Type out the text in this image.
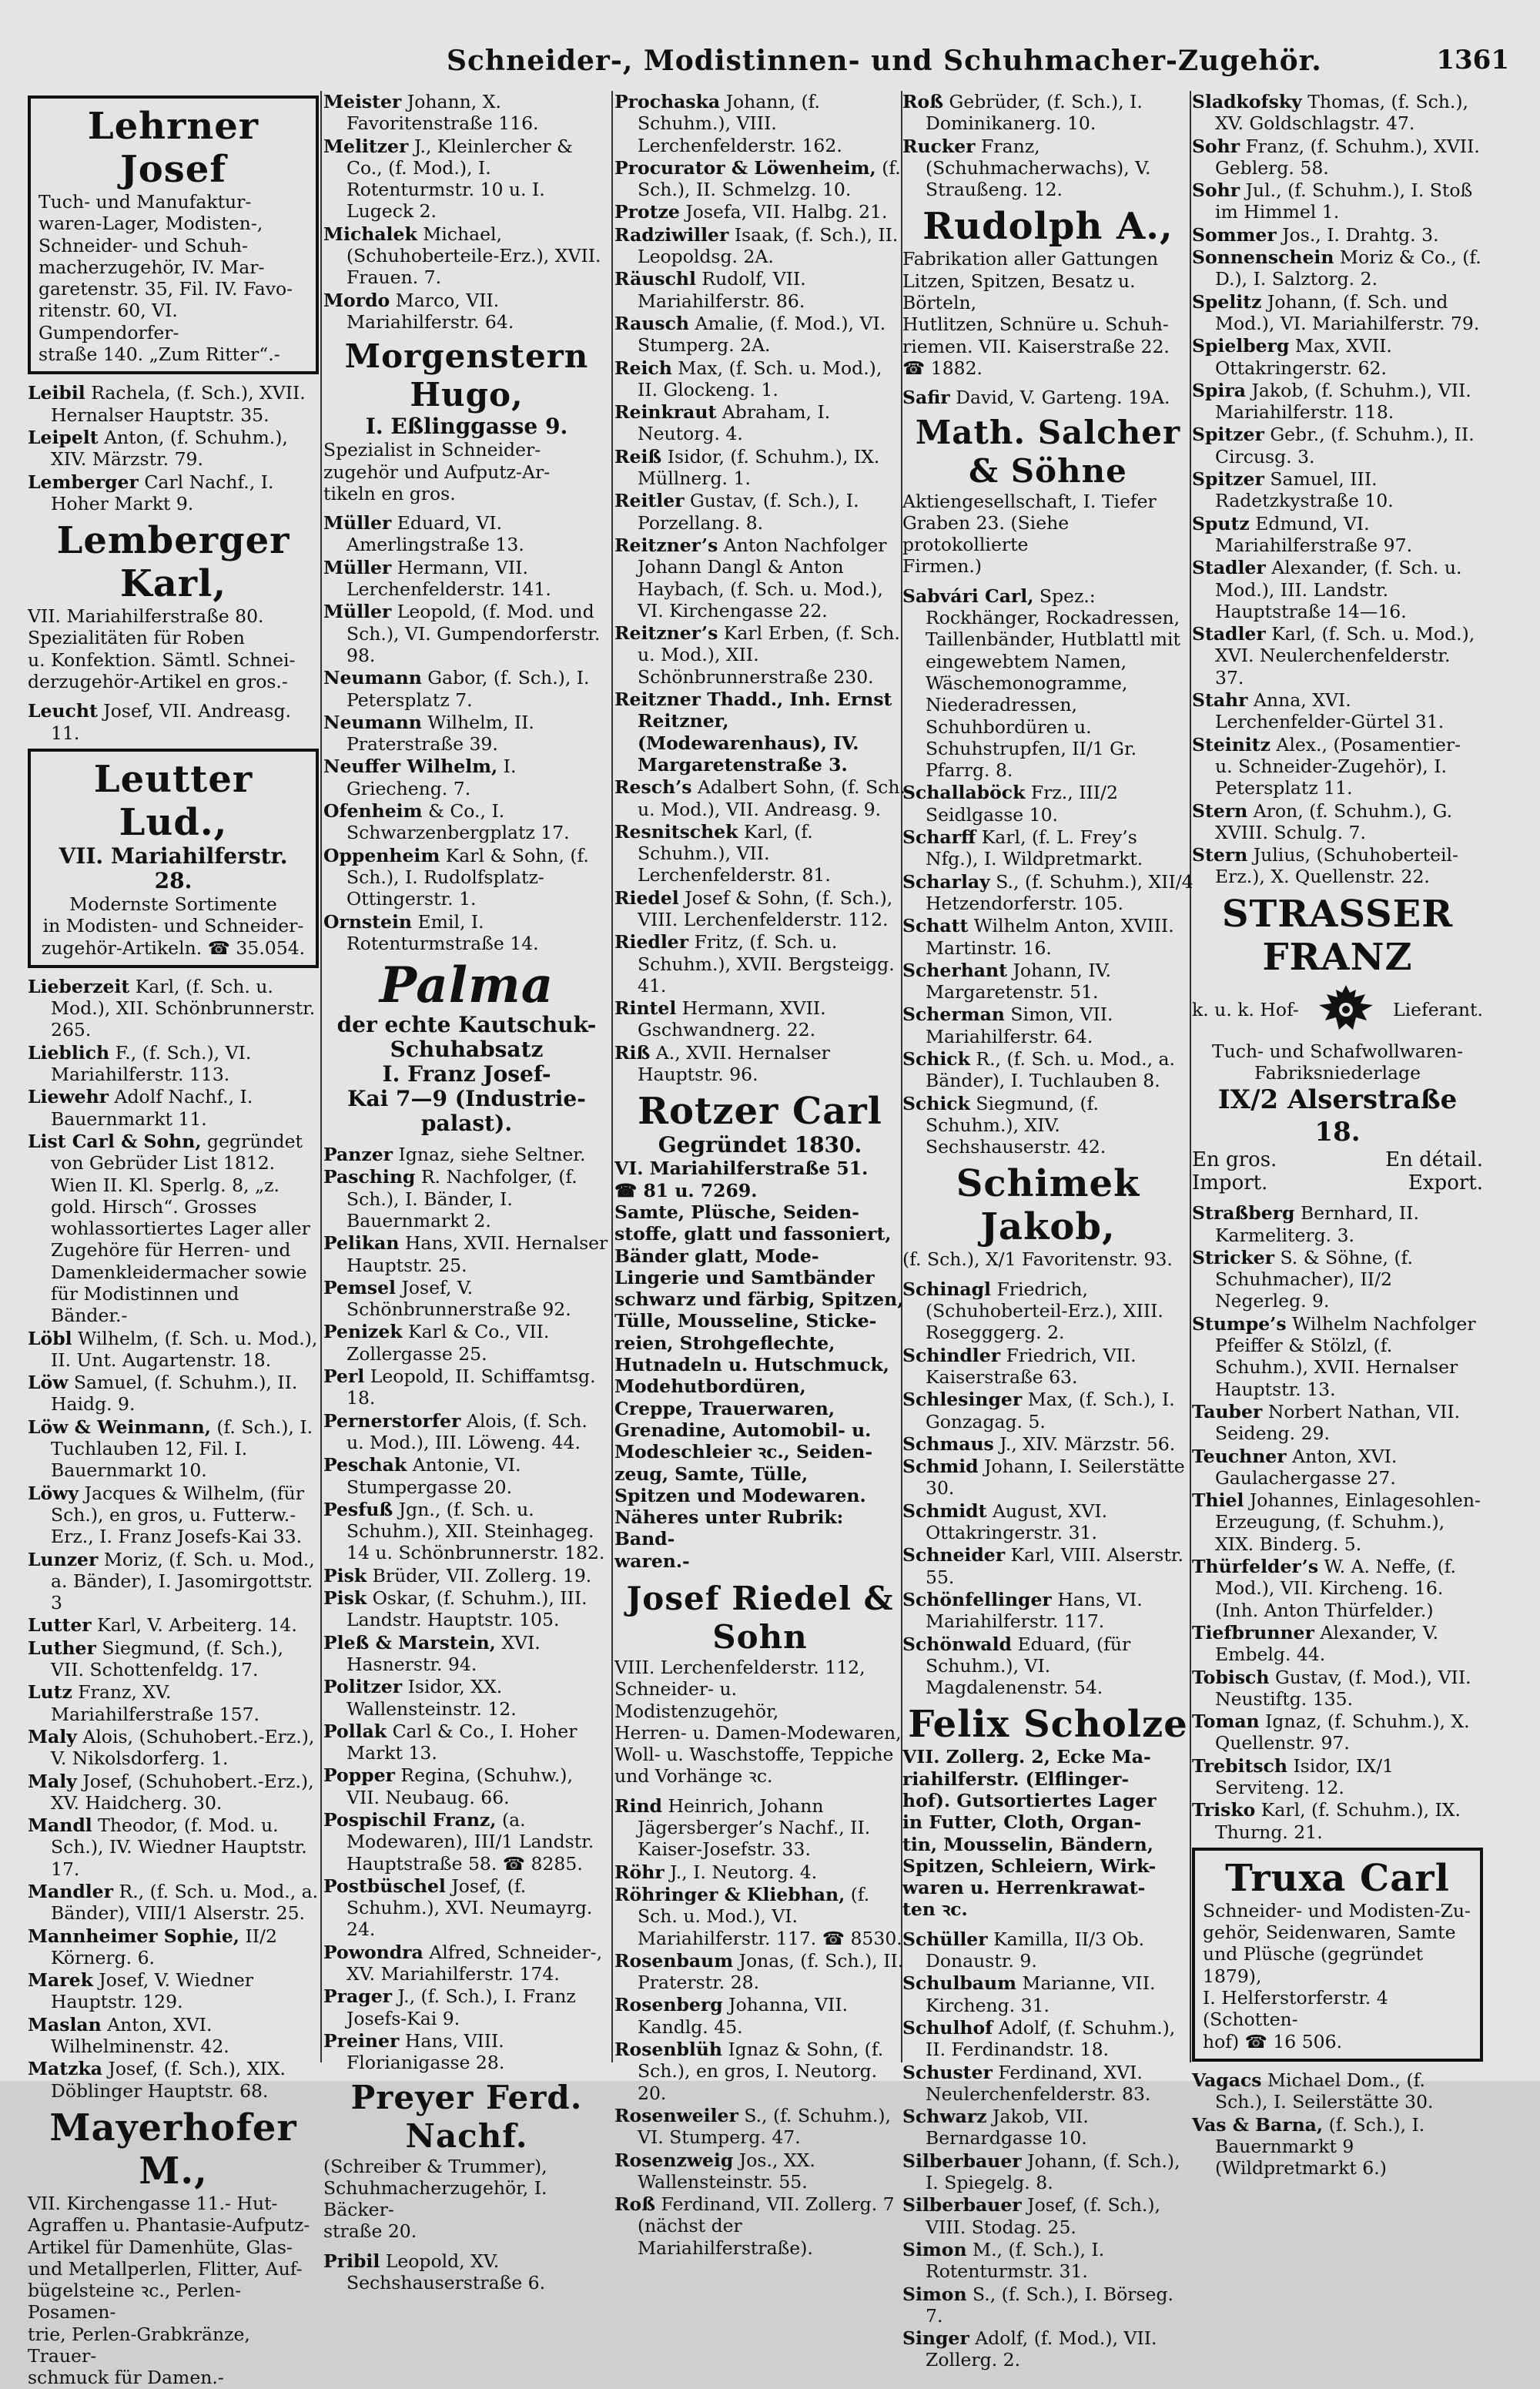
Schneider-, Modistinnen- und Schuhmacher-Zugehör.	1361
Lehrner Josef
Tuch- und Manufaktur-
waren-Lager, Modisten-,
Schneider- und Schuh-
macherzugehör, IV. Mar-
garetenstr. 35, Fil. IV. Favo-
ritenstr. 60, VI. Gumpendorfer-
straße 140. „Zum Ritter“.-
Leibil Rachela, (f. Sch.), XVII. Hernalser Hauptstr. 35.
Leipelt Anton, (f. Schuhm.), XIV. Märzstr. 79.
Lemberger Carl Nachf., I. Hoher Markt 9.
Lemberger Karl,
VII. Mariahilferstraße 80.
Spezialitäten für Roben
u. Konfektion. Sämtl. Schnei-
derzugehör-Artikel en gros.-
Leucht Josef, VII. Andreasg. 11.
Leutter Lud.,
VII. Mariahilferstr. 28.
Modernste Sortimente
in Modisten- und Schneider-
zugehör-Artikeln. ☎ 35.054.
Lieberzeit Karl, (f. Sch. u. Mod.), XII. Schönbrunnerstr. 265.
Lieblich F., (f. Sch.), VI. Mariahilferstr. 113.
Liewehr Adolf Nachf., I. Bauernmarkt 11.
List Carl & Sohn, gegründet von Gebrüder List 1812. Wien II. Kl. Sperlg. 8, „z. gold. Hirsch“. Grosses wohlassortiertes Lager aller Zugehöre für Herren- und Damenkleidermacher sowie für Modistinnen und Bänder.-
Löbl Wilhelm, (f. Sch. u. Mod.), II. Unt. Augartenstr. 18.
Löw Samuel, (f. Schuhm.), II. Haidg. 9.
Löw & Weinmann, (f. Sch.), I. Tuchlauben 12, Fil. I. Bauernmarkt 10.
Löwy Jacques & Wilhelm, (für Sch.), en gros, u. Futterw.-Erz., I. Franz Josefs-Kai 33.
Lunzer Moriz, (f. Sch. u. Mod., a. Bänder), I. Jasomirgottstr. 3
Lutter Karl, V. Arbeiterg. 14.
Luther Siegmund, (f. Sch.), VII. Schottenfeldg. 17.
Lutz Franz, XV. Mariahilferstraße 157.
Maly Alois, (Schuhobert.-Erz.), V. Nikolsdorferg. 1.
Maly Josef, (Schuhobert.-Erz.), XV. Haidcherg. 30.
Mandl Theodor, (f. Mod. u. Sch.), IV. Wiedner Hauptstr. 17.
Mandler R., (f. Sch. u. Mod., a. Bänder), VIII/1 Alserstr. 25.
Mannheimer Sophie, II/2 Körnerg. 6.
Marek Josef, V. Wiedner Hauptstr. 129.
Maslan Anton, XVI. Wilhelminenstr. 42.
Matzka Josef, (f. Sch.), XIX. Döblinger Hauptstr. 68.
Mayerhofer M.,
VII. Kirchengasse 11.- Hut-
Agraffen u. Phantasie-Aufputz-
Artikel für Damenhüte, Glas-
und Metallperlen, Flitter, Auf-
bügelsteine ꝛc., Perlen-Posamen-
trie, Perlen-Grabkränze, Trauer-
schmuck für Damen.-
Meister Johann, X. Favoritenstraße 116.
Melitzer J., Kleinlercher & Co., (f. Mod.), I. Rotenturmstr. 10 u. I. Lugeck 2.
Michalek Michael, (Schuhoberteile-Erz.), XVII. Frauen. 7.
Mordo Marco, VII. Mariahilferstr. 64.
Morgenstern Hugo,
I. Eßlinggasse 9.
Spezialist in Schneider-
zugehör und Aufputz-Ar-
tikeln en gros.
Müller Eduard, VI. Amerlingstraße 13.
Müller Hermann, VII. Lerchenfelderstr. 141.
Müller Leopold, (f. Mod. und Sch.), VI. Gumpendorferstr. 98.
Neumann Gabor, (f. Sch.), I. Petersplatz 7.
Neumann Wilhelm, II. Praterstraße 39.
Neuffer Wilhelm, I. Griecheng. 7.
Ofenheim & Co., I. Schwarzenbergplatz 17.
Oppenheim Karl & Sohn, (f. Sch.), I. Rudolfsplatz-Ottingerstr. 1.
Ornstein Emil, I. Rotenturmstraße 14.
Palma
der echte Kautschuk-
Schuhabsatz
I. Franz Josef-
Kai 7—9 (Industrie-
palast).
Panzer Ignaz, siehe Seltner.
Pasching R. Nachfolger, (f. Sch.), I. Bänder, I. Bauernmarkt 2.
Pelikan Hans, XVII. Hernalser Hauptstr. 25.
Pemsel Josef, V. Schönbrunnerstraße 92.
Penizek Karl & Co., VII. Zollergasse 25.
Perl Leopold, II. Schiffamtsg. 18.
Pernerstorfer Alois, (f. Sch. u. Mod.), III. Löweng. 44.
Peschak Antonie, VI. Stumpergasse 20.
Pesfuß Jgn., (f. Sch. u. Schuhm.), XII. Steinhageg. 14 u. Schönbrunnerstr. 182.
Pisk Brüder, VII. Zollerg. 19.
Pisk Oskar, (f. Schuhm.), III. Landstr. Hauptstr. 105.
Pleß & Marstein, XVI. Hasnerstr. 94.
Politzer Isidor, XX. Wallensteinstr. 12.
Pollak Carl & Co., I. Hoher Markt 13.
Popper Regina, (Schuhw.), VII. Neubaug. 66.
Pospischil Franz, (a. Modewaren), III/1 Landstr. Hauptstraße 58. ☎ 8285.
Postbüschel Josef, (f. Schuhm.), XVI. Neumayrg. 24.
Powondra Alfred, Schneider-, XV. Mariahilferstr. 174.
Prager J., (f. Sch.), I. Franz Josefs-Kai 9.
Preiner Hans, VIII. Florianigasse 28.
Preyer Ferd. Nachf.
(Schreiber & Trummer),
Schuhmacherzugehör, I. Bäcker-
straße 20.
Pribil Leopold, XV. Sechshauserstraße 6.
Prochaska Johann, (f. Schuhm.), VIII. Lerchenfelderstr. 162.
Procurator & Löwenheim, (f. Sch.), II. Schmelzg. 10.
Protze Josefa, VII. Halbg. 21.
Radziwiller Isaak, (f. Sch.), II. Leopoldsg. 2A.
Räuschl Rudolf, VII. Mariahilferstr. 86.
Rausch Amalie, (f. Mod.), VI. Stumperg. 2A.
Reich Max, (f. Sch. u. Mod.), II. Glockeng. 1.
Reinkraut Abraham, I. Neutorg. 4.
Reiß Isidor, (f. Schuhm.), IX. Müllnerg. 1.
Reitler Gustav, (f. Sch.), I. Porzellang. 8.
Reitzner’s Anton Nachfolger Johann Dangl & Anton Haybach, (f. Sch. u. Mod.), VI. Kirchengasse 22.
Reitzner’s Karl Erben, (f. Sch. u. Mod.), XII. Schönbrunnerstraße 230.
Reitzner Thadd., Inh. Ernst Reitzner, (Modewarenhaus), IV. Margaretenstraße 3.
Resch’s Adalbert Sohn, (f. Sch. u. Mod.), VII. Andreasg. 9.
Resnitschek Karl, (f. Schuhm.), VII. Lerchenfelderstr. 81.
Riedel Josef & Sohn, (f. Sch.), VIII. Lerchenfelderstr. 112.
Riedler Fritz, (f. Sch. u. Schuhm.), XVII. Bergsteigg. 41.
Rintel Hermann, XVII. Gschwandnerg. 22.
Riß A., XVII. Hernalser Hauptstr. 96.
Rotzer Carl
Gegründet 1830.
VI. Mariahilferstraße 51.
☎ 81 u. 7269.
Samte, Plüsche, Seiden-
stoffe, glatt und fassoniert,
Bänder glatt, Mode-
Lingerie und Samtbänder
schwarz und färbig, Spitzen,
Tülle, Mousseline, Sticke-
reien, Strohgeflechte,
Hutnadeln u. Hutschmuck,
Modehutbordüren,
Creppe, Trauerwaren,
Grenadine, Automobil- u.
Modeschleier ꝛc., Seiden-
zeug, Samte, Tülle,
Spitzen und Modewaren.
Näheres unter Rubrik: Band-
waren.-
Josef Riedel & Sohn
VIII. Lerchenfelderstr. 112,
Schneider- u. Modistenzugehör,
Herren- u. Damen-Modewaren,
Woll- u. Waschstoffe, Teppiche
und Vorhänge ꝛc.
Rind Heinrich, Johann Jägersberger’s Nachf., II. Kaiser-Josefstr. 33.
Röhr J., I. Neutorg. 4.
Röhringer & Kliebhan, (f. Sch. u. Mod.), VI. Mariahilferstr. 117. ☎ 8530.
Rosenbaum Jonas, (f. Sch.), II. Praterstr. 28.
Rosenberg Johanna, VII. Kandlg. 45.
Rosenblüh Ignaz & Sohn, (f. Sch.), en gros, I. Neutorg. 20.
Rosenweiler S., (f. Schuhm.), VI. Stumperg. 47.
Rosenzweig Jos., XX. Wallensteinstr. 55.
Roß Ferdinand, VII. Zollerg. 7 (nächst der Mariahilferstraße).
Roß Gebrüder, (f. Sch.), I. Dominikanerg. 10.
Rucker Franz, (Schuhmacherwachs), V. Straußeng. 12.
Rudolph A.,
Fabrikation aller Gattungen
Litzen, Spitzen, Besatz u. Börteln,
Hutlitzen, Schnüre u. Schuh-
riemen. VII. Kaiserstraße 22.
☎ 1882.
Safir David, V. Garteng. 19A.
Math. Salcher & Söhne
Aktiengesellschaft, I. Tiefer
Graben 23. (Siehe protokollierte
Firmen.)
Sabvári Carl, Spez.: Rockhänger, Rockadressen, Taillenbänder, Hutblattl mit eingewebtem Namen, Wäschemonogramme, Niederadressen, Schuhbordüren u. Schuhstrupfen, II/1 Gr. Pfarrg. 8.
Schallaböck Frz., III/2 Seidlgasse 10.
Scharff Karl, (f. L. Frey’s Nfg.), I. Wildpretmarkt.
Scharlay S., (f. Schuhm.), XII/4 Hetzendorferstr. 105.
Schatt Wilhelm Anton, XVIII. Martinstr. 16.
Scherhant Johann, IV. Margaretenstr. 51.
Scherman Simon, VII. Mariahilferstr. 64.
Schick R., (f. Sch. u. Mod., a. Bänder), I. Tuchlauben 8.
Schick Siegmund, (f. Schuhm.), XIV. Sechshauserstr. 42.
Schimek Jakob,
(f. Sch.), X/1 Favoritenstr. 93.
Schinagl Friedrich, (Schuhoberteil-Erz.), XIII. Rosegggerg. 2.
Schindler Friedrich, VII. Kaiserstraße 63.
Schlesinger Max, (f. Sch.), I. Gonzagag. 5.
Schmaus J., XIV. Märzstr. 56.
Schmid Johann, I. Seilerstätte 30.
Schmidt August, XVI. Ottakringerstr. 31.
Schneider Karl, VIII. Alserstr. 55.
Schönfellinger Hans, VI. Mariahilferstr. 117.
Schönwald Eduard, (für Schuhm.), VI. Magdalenenstr. 54.
Felix Scholze
VII. Zollerg. 2, Ecke Ma-
riahilferstr. (Elflinger-
hof). Gutsortiertes Lager
in Futter, Cloth, Organ-
tin, Mousselin, Bändern,
Spitzen, Schleiern, Wirk-
waren u. Herrenkrawat-
ten ꝛc.
Schüller Kamilla, II/3 Ob. Donaustr. 9.
Schulbaum Marianne, VII. Kircheng. 31.
Schulhof Adolf, (f. Schuhm.), II. Ferdinandstr. 18.
Schuster Ferdinand, XVI. Neulerchenfelderstr. 83.
Schwarz Jakob, VII. Bernardgasse 10.
Silberbauer Johann, (f. Sch.), I. Spiegelg. 8.
Silberbauer Josef, (f. Sch.), VIII. Stodag. 25.
Simon M., (f. Sch.), I. Rotenturmstr. 31.
Simon S., (f. Sch.), I. Börseg. 7.
Singer Adolf, (f. Mod.), VII. Zollerg. 2.
Sladkofsky Thomas, (f. Sch.), XV. Goldschlagstr. 47.
Sohr Franz, (f. Schuhm.), XVII. Geblerg. 58.
Sohr Jul., (f. Schuhm.), I. Stoß im Himmel 1.
Sommer Jos., I. Drahtg. 3.
Sonnenschein Moriz & Co., (f. D.), I. Salztorg. 2.
Spelitz Johann, (f. Sch. und Mod.), VI. Mariahilferstr. 79.
Spielberg Max, XVII. Ottakringerstr. 62.
Spira Jakob, (f. Schuhm.), VII. Mariahilferstr. 118.
Spitzer Gebr., (f. Schuhm.), II. Circusg. 3.
Spitzer Samuel, III. Radetzkystraße 10.
Sputz Edmund, VI. Mariahilferstraße 97.
Stadler Alexander, (f. Sch. u. Mod.), III. Landstr. Hauptstraße 14—16.
Stadler Karl, (f. Sch. u. Mod.), XVI. Neulerchenfelderstr. 37.
Stahr Anna, XVI. Lerchenfelder-Gürtel 31.
Steinitz Alex., (Posamentier- u. Schneider-Zugehör), I. Petersplatz 11.
Stern Aron, (f. Schuhm.), G. XVIII. Schulg. 7.
Stern Julius, (Schuhoberteil-Erz.), X. Quellenstr. 22.
STRASSER FRANZ
k. u. k. Hof-	Lieferant.
Tuch- und Schafwollwaren-
Fabriksniederlage
IX/2 Alserstraße 18.
En gros.	En détail.
Import.	Export.
Straßberg Bernhard, II. Karmeliterg. 3.
Stricker S. & Söhne, (f. Schuhmacher), II/2 Negerleg. 9.
Stumpe’s Wilhelm Nachfolger Pfeiffer & Stölzl, (f. Schuhm.), XVII. Hernalser Hauptstr. 13.
Tauber Norbert Nathan, VII. Seideng. 29.
Teuchner Anton, XVI. Gaulachergasse 27.
Thiel Johannes, Einlagesohlen-Erzeugung, (f. Schuhm.), XIX. Binderg. 5.
Thürfelder’s W. A. Neffe, (f. Mod.), VII. Kircheng. 16. (Inh. Anton Thürfelder.)
Tiefbrunner Alexander, V. Embelg. 44.
Tobisch Gustav, (f. Mod.), VII. Neustiftg. 135.
Toman Ignaz, (f. Schuhm.), X. Quellenstr. 97.
Trebitsch Isidor, IX/1 Serviteng. 12.
Trisko Karl, (f. Schuhm.), IX. Thurng. 21.
Truxa Carl
Schneider- und Modisten-Zu-
gehör, Seidenwaren, Samte
und Plüsche (gegründet 1879),
I. Helferstorferstr. 4 (Schotten-
hof) ☎ 16 506.
Vagacs Michael Dom., (f. Sch.), I. Seilerstätte 30.
Vas & Barna, (f. Sch.), I. Bauernmarkt 9 (Wildpretmarkt 6.)
